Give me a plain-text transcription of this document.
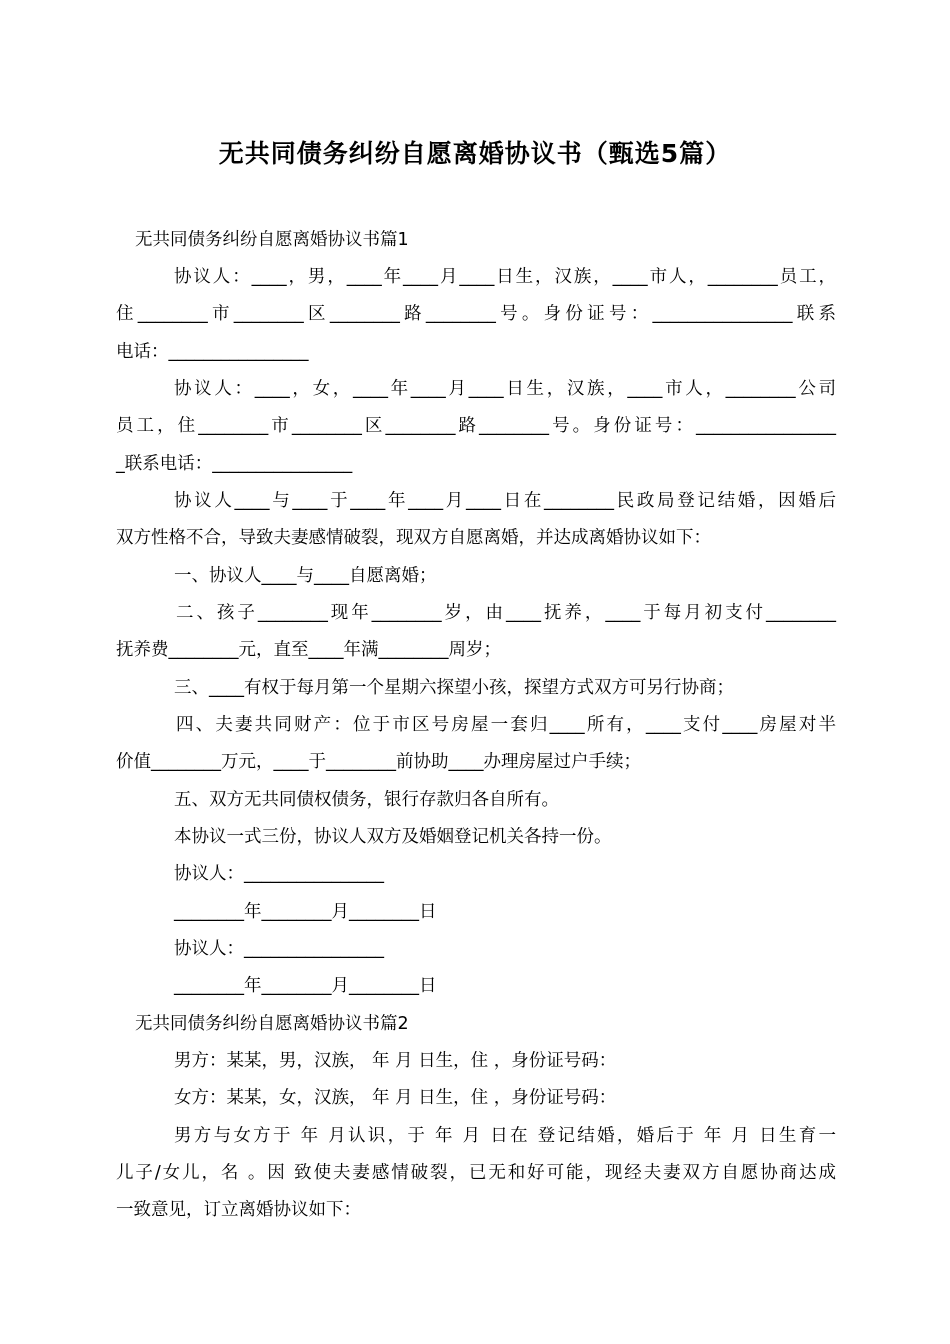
无共同债务纠纷自愿离婚协议书（甄选5篇）
无共同债务纠纷自愿离婚协议书篇1
协议人：____，男，____年____月____日生，汉族，____市人，________员工，
住________市________区________路________号。身份证号：________________联系
电话：________________
协议人：____，女，____年____月____日生，汉族，____市人，________公司
员工，住________市________区________路________号。身份证号：________________
_联系电话：________________
协议人____与____于____年____月____日在________民政局登记结婚，因婚后
双方性格不合，导致夫妻感情破裂，现双方自愿离婚，并达成离婚协议如下：
一、协议人____与____自愿离婚；
二、孩子________现年________岁，由____抚养，____于每月初支付________
抚养费________元，直至____年满________周岁；
三、____有权于每月第一个星期六探望小孩，探望方式双方可另行协商；
四、夫妻共同财产：位于市区号房屋一套归____所有，____支付____房屋对半
价值________万元，____于________前协助____办理房屋过户手续；
五、双方无共同债权债务，银行存款归各自所有。
本协议一式三份，协议人双方及婚姻登记机关各持一份。
协议人：________________
________年________月________日
协议人：________________
________年________月________日
无共同债务纠纷自愿离婚协议书篇2
男方：某某，男，汉族， 年 月 日生，住 ，身份证号码：
女方：某某，女，汉族， 年 月 日生，住 ，身份证号码：
男方与女方于 年 月认识，于 年 月 日在 登记结婚，婚后于 年 月 日生育一
儿子/女儿，名 。因 致使夫妻感情破裂，已无和好可能，现经夫妻双方自愿协商达成
一致意见，订立离婚协议如下：
